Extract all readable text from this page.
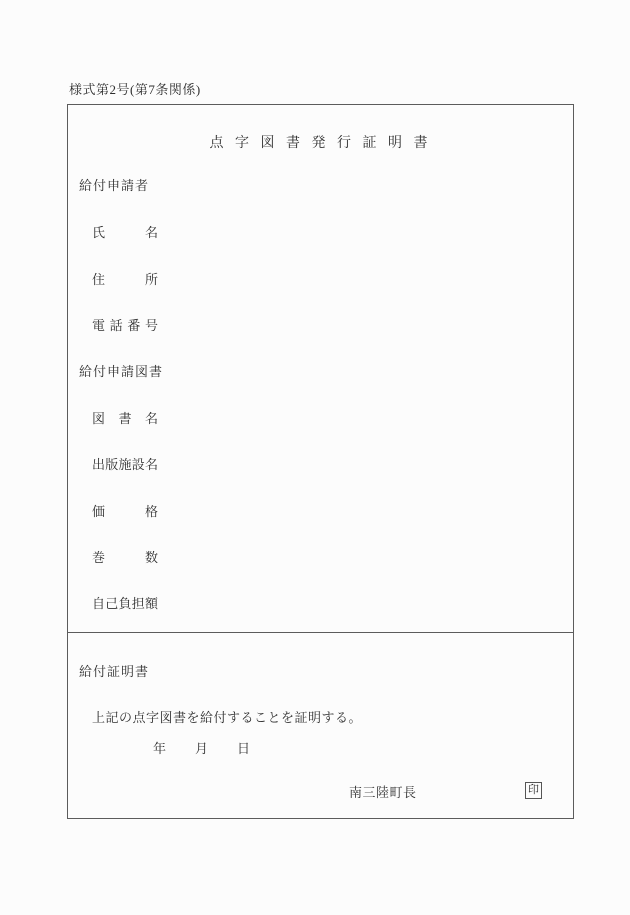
様式第2号(第7条関係)
点 字 図 書 発 行 証 明 書
給付申請者
氏名
住所
電話番号
給付申請図書
図書名
出版施設名
価格
巻数
自己負担額
給付証明書
上記の点字図書を給付することを証明する。
年 月 日
南三陸町長	印
